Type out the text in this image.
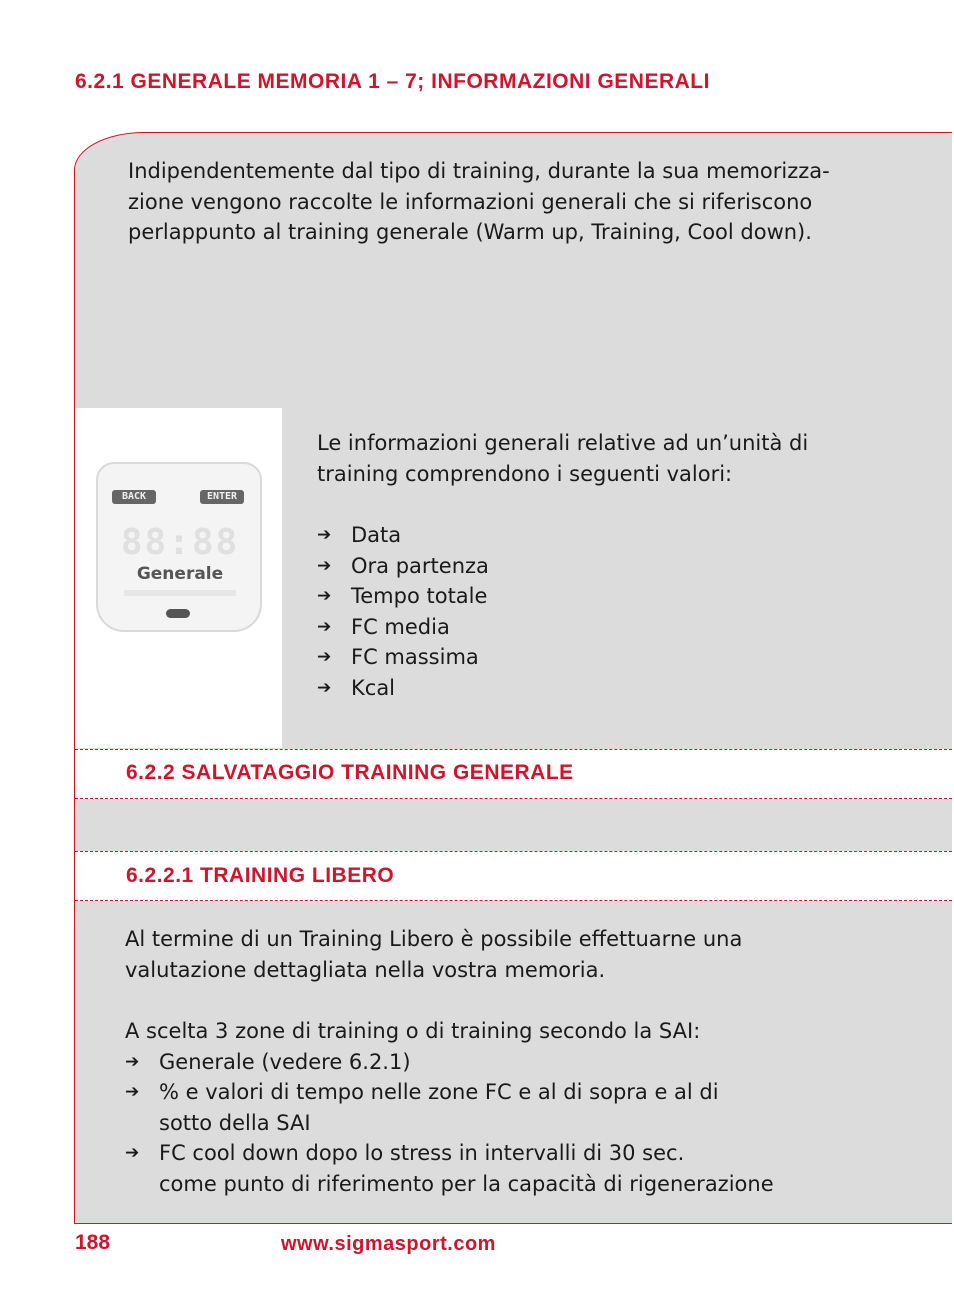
6.2.1 GENERALE MEMORIA 1 – 7; INFORMAZIONI GENERALI
Indipendentemente dal tipo di training, durante la sua memorizza-
zione vengono raccolte le informazioni generali che si riferiscono
perlappunto al training generale (Warm up, Training, Cool down).
BACK	ENTER
88:88
Generale
Le informazioni generali relative ad un’unità di
training comprendono i seguenti valori:
➔ Data
➔ Ora partenza
➔ Tempo totale
➔ FC media
➔ FC massima
➔ Kcal
6.2.2 SALVATAGGIO TRAINING GENERALE
6.2.2.1 TRAINING LIBERO
Al termine di un Training Libero è possibile effettuarne una
valutazione dettagliata nella vostra memoria.
A scelta 3 zone di training o di training secondo la SAI:
➔ Generale (vedere 6.2.1)
➔ % e valori di tempo nelle zone FC e al di sopra e al di
sotto della SAI
➔ FC cool down dopo lo stress in intervalli di 30 sec.
come punto di riferimento per la capacità di rigenerazione
188	www.sigmasport.com
